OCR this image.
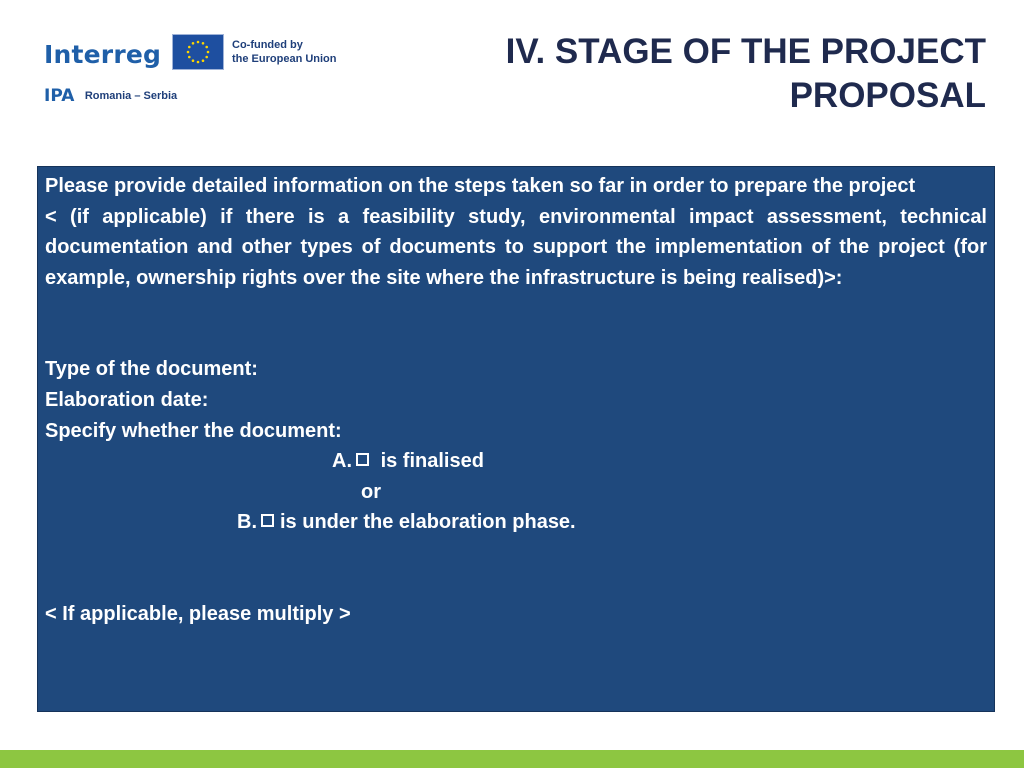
Interreg	Co-funded by
the European Union
IPA Romania – Serbia
IV. STAGE OF THE PROJECT
PROPOSAL

Please provide detailed information on the steps taken so far in order to prepare the project

< (if applicable) if there is a feasibility study, environmental impact assessment, technical documentation and other types of documents to support the implementation of the project (for example, ownership rights over the site where the infrastructure is being realised)>:

Type of the document:

Elaboration date:

Specify whether the document:

A. is finalised

or

B. is under the elaboration phase.

< If applicable, please multiply >
